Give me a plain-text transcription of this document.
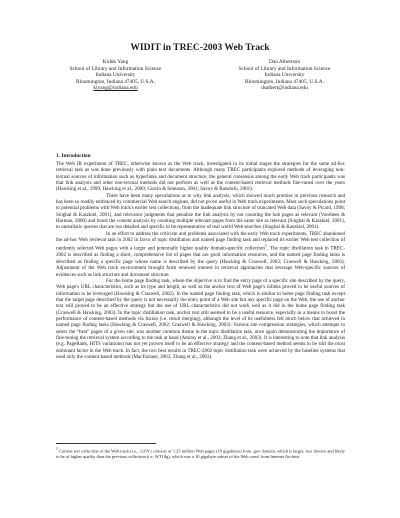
WIDIT in TREC-2003 Web Track
Kiduk Yang
School of Library and Information Science
Indiana University
Bloomington, Indiana 47405, U.S.A.
kiyang@indiana.edu
Dan Albertson
School of Library and Information Science
Indiana University
Bloomington, Indiana 47405, U.S.A.
dsalbert@indiana.edu
1. Introduction

The Web IR experiment of TREC, otherwise known as the Web track, investigated in its initial stages the strategies for the same ad-hoc retrieval task as was done previously with plain text documents. Although many TREC participants explored methods of leveraging non-textual sources of information such as hyperlinks and document structure, the general consensus among the early Web track participants was that link analysis and other non-textual methods did not perform as well as the content-based retrieval methods fine-tuned over the years (Hawking et al., 1999; Hawking et al., 2000; Gurrin & Smeaton, 2001; Savoy & Rasolofo, 2001).

There have been many speculations as to why link analysis, which showed much promise in previous research and has been so readily embraced by commercial Web search engines, did not prove useful in Web track experiments. Most such speculations point to potential problems with Web track's earlier test collections, from the inadequate link structure of truncated Web data (Savoy & Picard, 1998; Singhal & Kaszkiel, 2001), and relevance judgments that penalize the link analysis by not counting the hub pages as relevant (Voorhees & Harman, 2000) and boost the content analysis by counting multiple relevant pages from the same site as relevant (Singhal & Kaszkiel, 2001), to unrealistic queries that are too detailed and specific to be representative of real world Web searches (Singhal & Kaszkiel, 2001).

In an effort to address the criticism and problems associated with the early Web track experiments, TREC abandoned the ad-hoc Web retrieval task in 2002 in favor of topic distillation and named page finding task and replaced its earlier Web test collection of randomly selected Web pages with a larger and potentially higher quality domain-specific collection$^1$. The topic distillation task in TREC-2002 is described as finding a short, comprehensive list of pages that are good information resources, and the named page finding tasks is described as finding a specific page whose name is described by the query (Hawking & Craswell, 2002; Craswell & Hawking, 2003). Adjustment of the Web track environment brought forth renewed interest in retrieval approaches that leverage Web-specific sources of evidences such as link structure and document structure.

For the home page finding task, where the objective is to find the entry page of a specific site described by the query, Web page's URL characteristics, such as its type and length, as well as the anchor text of Web page's inlinks proved to be useful sources of information to be leveraged (Hawking & Craswell, 2002). In the named page finding task, which is similar to home page finding task except that the target page described by the query is not necessarily the entry point of a Web site but any specific page on the Web, the use of anchor text still proved to be an effective strategy but the use of URL characteristics did not work well as it did in the home page finding task (Craswell & Hawking, 2003). In the topic distillation task, anchor text still seemed to be a useful resource, especially as a means to boost the performance of content-based methods via fusion (i.e. result merging), although the level of its usefulness fell much below that achieved in named page finding tasks (Hawking & Craswell, 2002; Craswell & Hawking, 2003). Various site compression strategies, which attempts to select the “best” pages of a given site, was another common theme in the topic distillation task, once again demonstrating the importance of fine-tuning the retrieval system according to the task at hand (Amitay et al., 2003; Zhang et al., 2003). It is interesting to note that link analysis (e.g. PageRank, HITS variations) has not yet proven itself to be an effective strategy and the content-based method seems to be still the most dominant factor in the Web track. In fact, the two best results in TREC-2002 topic distillation task were achieved by the baseline systems that used only the content-based methods (MacFarlane, 2003; Zhang et al., 2003).

$^1$ Current test collection of the Web track (i.e., .GOV) consists of 1.25 million Web pages (19 gigabytes) from .gov domain, which is larger, less diverse and likely to be of higher quality than the previous collection (i.e. WT10g), which was a 10 gigabyte subset of the Web crawl from Internet Archive.
